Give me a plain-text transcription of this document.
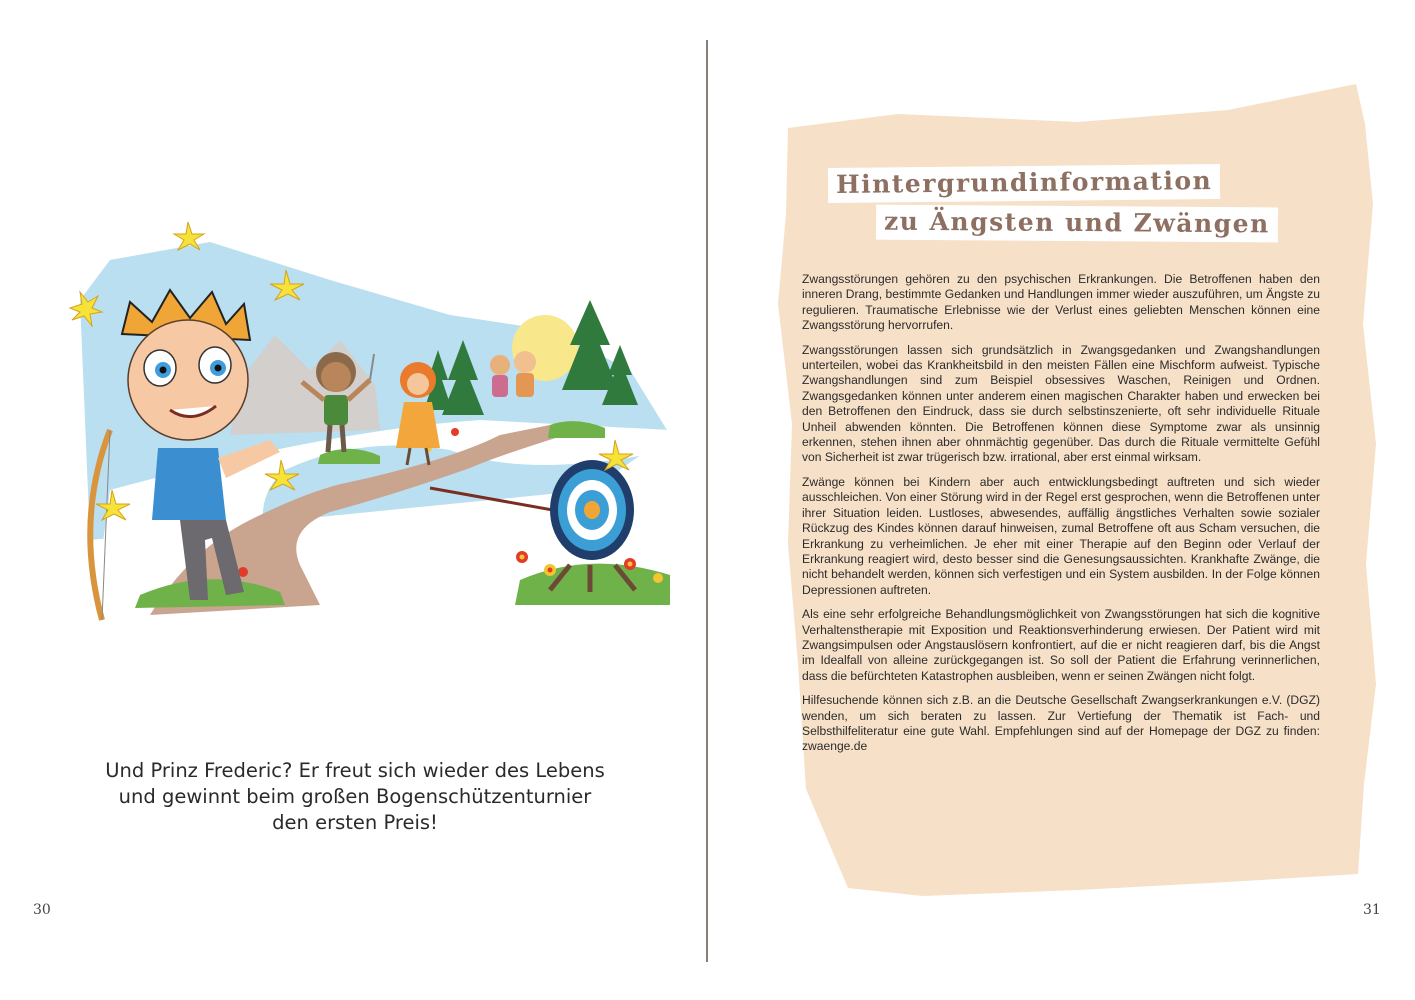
Und Prinz Frederic? Er freut sich wieder des Lebens
und gewinnt beim großen Bogenschützenturnier
den ersten Preis!
30
Hintergrundinformation
zu Ängsten und Zwängen

Zwangsstörungen gehören zu den psychischen Erkrankungen. Die Betroffenen haben den inneren Drang, bestimmte Gedanken und Handlungen immer wieder auszuführen, um Ängste zu regulieren. Traumatische Erlebnisse wie der Verlust eines geliebten Menschen können eine Zwangsstörung hervorrufen.

Zwangsstörungen lassen sich grundsätzlich in Zwangsgedanken und Zwangshandlungen unterteilen, wobei das Krankheitsbild in den meisten Fällen eine Mischform aufweist. Typische Zwangshandlungen sind zum Beispiel obsessives Waschen, Reinigen und Ordnen. Zwangsgedanken können unter anderem einen magischen Charakter haben und erwecken bei den Betroffenen den Eindruck, dass sie durch selbstinszenierte, oft sehr individuelle Rituale Unheil abwenden könnten. Die Betroffenen können diese Symptome zwar als unsinnig erkennen, stehen ihnen aber ohnmächtig gegenüber. Das durch die Rituale vermittelte Gefühl von Sicherheit ist zwar trügerisch bzw. irrational, aber erst einmal wirksam.

Zwänge können bei Kindern aber auch entwicklungsbedingt auftreten und sich wieder ausschleichen. Von einer Störung wird in der Regel erst gesprochen, wenn die Betroffenen unter ihrer Situation leiden. Lustloses, abwesendes, auffällig ängstliches Verhalten sowie sozialer Rückzug des Kindes können darauf hinweisen, zumal Betroffene oft aus Scham versuchen, die Erkrankung zu verheimlichen. Je eher mit einer Therapie auf den Beginn oder Verlauf der Erkrankung reagiert wird, desto besser sind die Genesungsaussichten. Krankhafte Zwänge, die nicht behandelt werden, können sich verfestigen und ein System ausbilden. In der Folge können Depressionen auftreten.

Als eine sehr erfolgreiche Behandlungsmöglichkeit von Zwangsstörungen hat sich die kognitive Verhaltenstherapie mit Exposition und Reaktionsverhinderung erwiesen. Der Patient wird mit Zwangsimpulsen oder Angstauslösern konfrontiert, auf die er nicht reagieren darf, bis die Angst im Idealfall von alleine zurückgegangen ist. So soll der Patient die Erfahrung verinnerlichen, dass die befürchteten Katastrophen ausbleiben, wenn er seinen Zwängen nicht folgt.

Hilfesuchende können sich z.B. an die Deutsche Gesellschaft Zwangserkrankungen e.V. (DGZ) wenden, um sich beraten zu lassen. Zur Vertiefung der Thematik ist Fach- und Selbsthilfeliteratur eine gute Wahl. Empfehlungen sind auf der Homepage der DGZ zu finden: zwaenge.de

31
